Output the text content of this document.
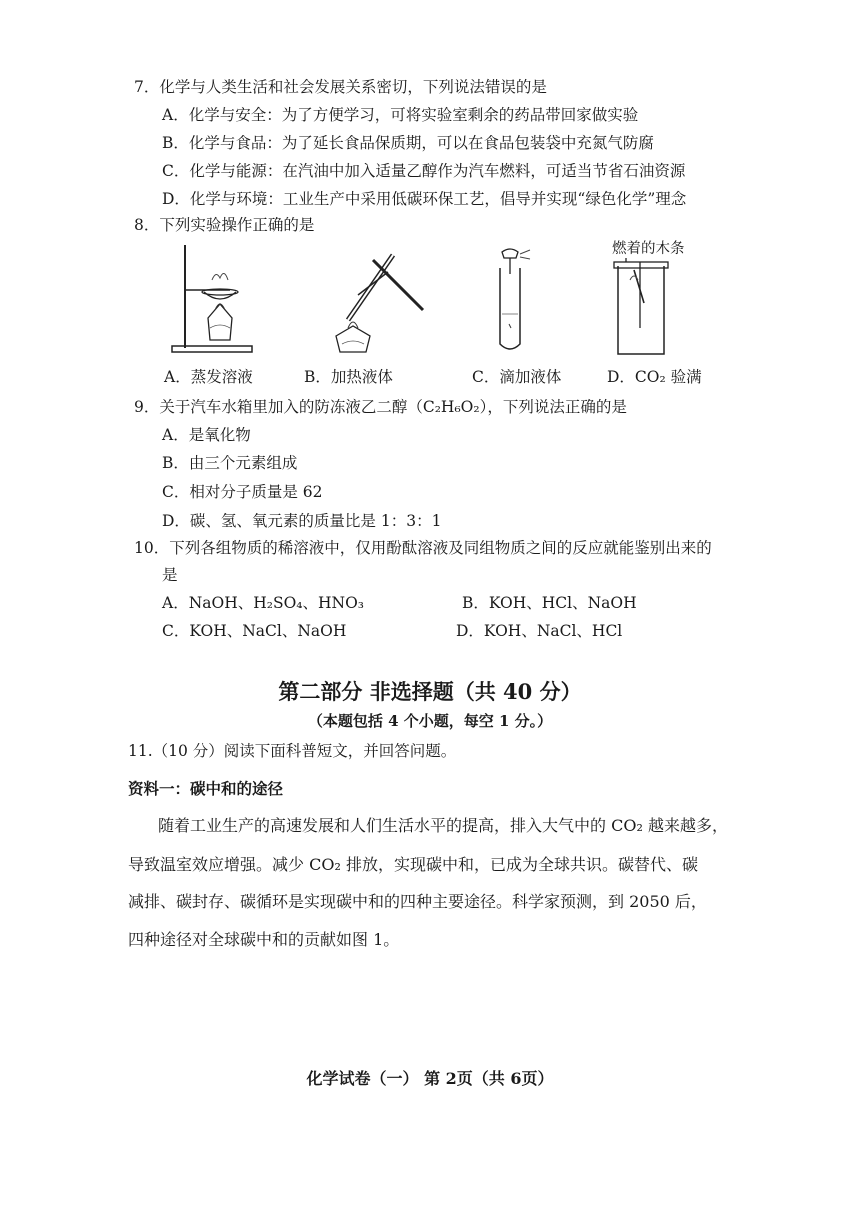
7．化学与人类生活和社会发展关系密切，下列说法错误的是
A．化学与安全：为了方便学习，可将实验室剩余的药品带回家做实验
B．化学与食品：为了延长食品保质期，可以在食品包装袋中充氮气防腐
C．化学与能源：在汽油中加入适量乙醇作为汽车燃料，可适当节省石油资源
D．化学与环境：工业生产中采用低碳环保工艺，倡导并实现“绿色化学”理念
8．下列实验操作正确的是
A．蒸发溶液	B．加热液体	C．滴加液体
燃着的木条
D．CO₂ 验满
9．关于汽车水箱里加入的防冻液乙二醇（C₂H₆O₂），下列说法正确的是
A．是氧化物
B．由三个元素组成
C．相对分子质量是 62
D．碳、氢、氧元素的质量比是 1：3：1
10．下列各组物质的稀溶液中，仅用酚酞溶液及同组物质之间的反应就能鉴别出来的
是
A．NaOH、H₂SO₄、HNO₃	B．KOH、HCl、NaOH
C．KOH、NaCl、NaOH	D．KOH、NaCl、HCl
第二部分 非选择题（共 40 分）
（本题包括 4 个小题，每空 1 分。）
11.（10 分）阅读下面科普短文，并回答问题。
资料一：碳中和的途径
随着工业生产的高速发展和人们生活水平的提高，排入大气中的 CO₂ 越来越多，
导致温室效应增强。减少 CO₂ 排放，实现碳中和，已成为全球共识。碳替代、碳
减排、碳封存、碳循环是实现碳中和的四种主要途径。科学家预测，到 2050 后，
四种途径对全球碳中和的贡献如图 1。
化学试卷（一） 第 2页（共 6页）
